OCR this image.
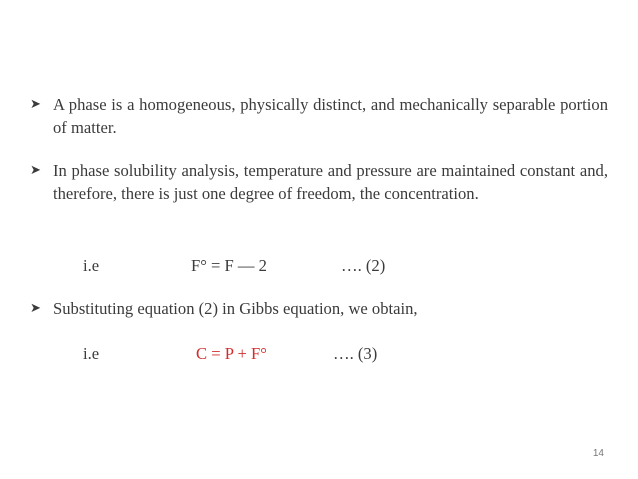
➤ A phase is a homogeneous, physically distinct, and mechanically separable portion of matter.
➤ In phase solubility analysis, temperature and pressure are maintained constant and, therefore, there is just one degree of freedom, the concentration.
i.e	F° = F — 2	…. (2)
➤ Substituting equation (2) in Gibbs equation, we obtain,
i.e	C = P + F°	…. (3)
14
